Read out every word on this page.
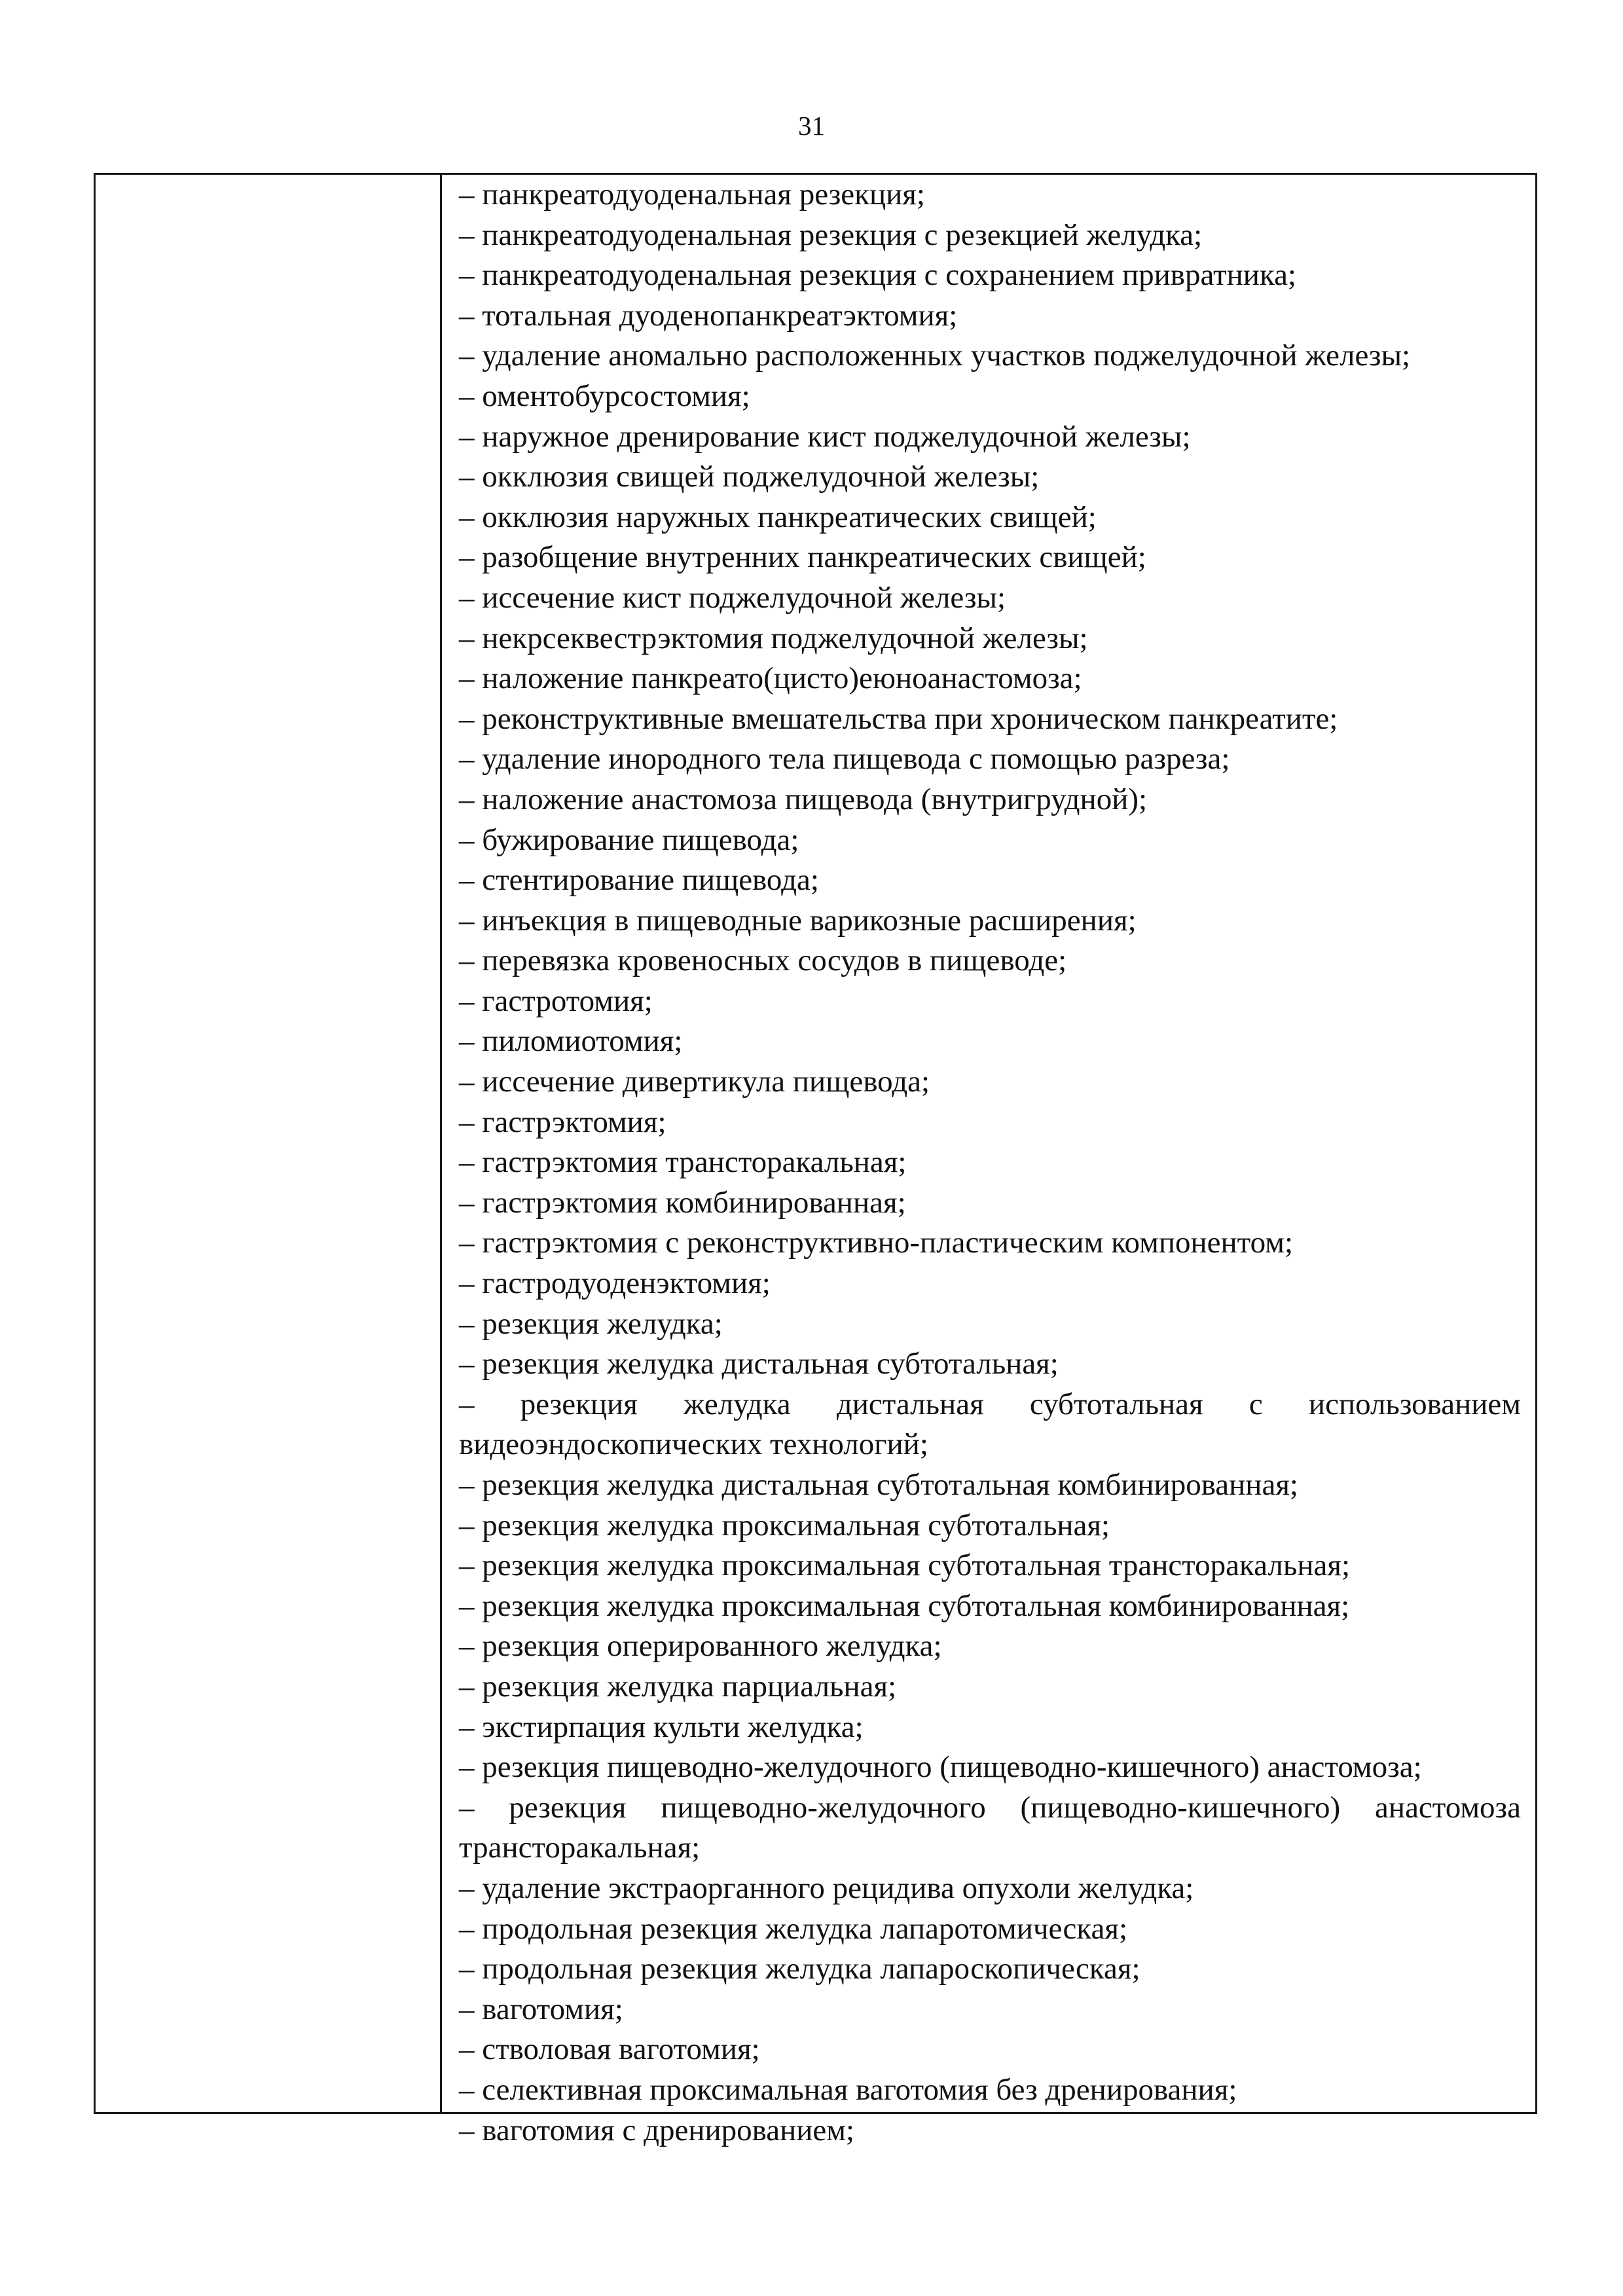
31
– панкреатодуоденальная резекция;
– панкреатодуоденальная резекция с резекцией желудка;
– панкреатодуоденальная резекция с сохранением привратника;
– тотальная дуоденопанкреатэктомия;
– удаление аномально расположенных участков поджелудочной железы;
– оментобурсостомия;
– наружное дренирование кист поджелудочной железы;
– окклюзия свищей поджелудочной железы;
– окклюзия наружных панкреатических свищей;
– разобщение внутренних панкреатических свищей;
– иссечение кист поджелудочной железы;
– некрсеквестрэктомия поджелудочной железы;
– наложение панкреато(цисто)еюноанастомоза;
– реконструктивные вмешательства при хроническом панкреатите;
– удаление инородного тела пищевода с помощью разреза;
– наложение анастомоза пищевода (внутригрудной);
– бужирование пищевода;
– стентирование пищевода;
– инъекция в пищеводные варикозные расширения;
– перевязка кровеносных сосудов в пищеводе;
– гастротомия;
– пиломиотомия;
– иссечение дивертикула пищевода;
– гастрэктомия;
– гастрэктомия трансторакальная;
– гастрэктомия комбинированная;
– гастрэктомия с реконструктивно-пластическим компонентом;
– гастродуоденэктомия;
– резекция желудка;
– резекция желудка дистальная субтотальная;
– резекция желудка дистальная субтотальная с использованием видеоэндоскопических технологий;
– резекция желудка дистальная субтотальная комбинированная;
– резекция желудка проксимальная субтотальная;
– резекция желудка проксимальная субтотальная трансторакальная;
– резекция желудка проксимальная субтотальная комбинированная;
– резекция оперированного желудка;
– резекция желудка парциальная;
– экстирпация культи желудка;
– резекция пищеводно-желудочного (пищеводно-кишечного) анастомоза;
– резекция пищеводно-желудочного (пищеводно-кишечного) анастомоза трансторакальная;
– удаление экстраорганного рецидива опухоли желудка;
– продольная резекция желудка лапаротомическая;
– продольная резекция желудка лапароскопическая;
– ваготомия;
– стволовая ваготомия;
– селективная проксимальная ваготомия без дренирования;
– ваготомия с дренированием;
